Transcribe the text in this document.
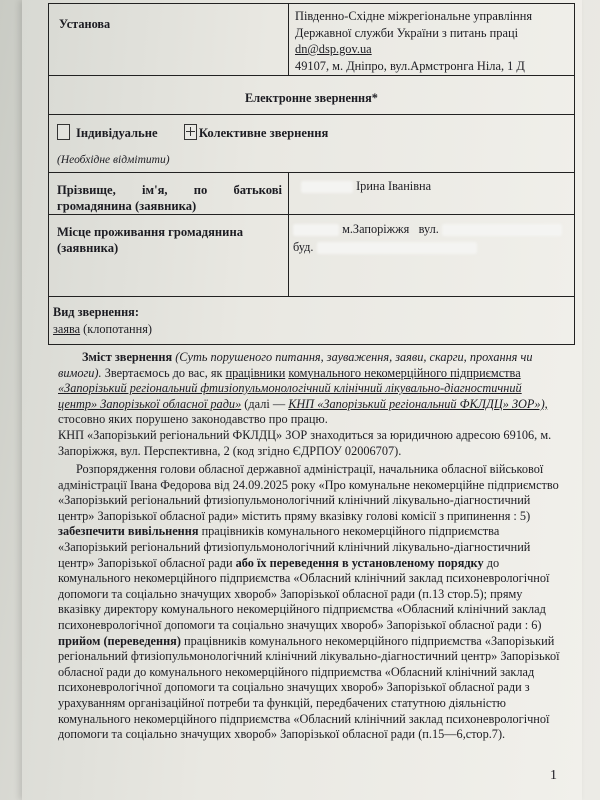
Установа
Південно-Східне міжрегіональне управління
Державної служби України з питань праці
dn@dsp.gov.ua
49107, м. Дніпро, вул.Армстронга Ніла, 1 Д
Електронне звернення*
Індивідуальне	Колективне звернення
(Необхідне відмітити)
Прізвище, ім'я, по батькові громадянина (заявника)
Ірина Іванівна
Місце проживання громадянина (заявника)
м.Запоріжжя вул.
буд.
Вид звернення:
заява (клопотання)
Зміст звернення (Суть порушеного питання, зауваження, заяви, скарги, прохання чи вимоги). Звертаємось до вас, як працівники комунального некомерційного підприємства «Запорізький регіональний фтизіопульмонологічний клінічний лікувально-діагностичний центр» Запорізької обласної ради» (далі — КНП «Запорізький регіональний ФКЛДЦ» ЗОР»), стосовно яких порушено законодавство про працю.
КНП «Запорізький регіональний ФКЛДЦ» ЗОР знаходиться за юридичною адресою 69106, м. Запоріжжя, вул. Перспективна, 2 (код згідно ЄДРПОУ 02006707).
Розпорядження голови обласної державної адміністрації, начальника обласної військової адміністрації Івана Федорова від 24.09.2025 року «Про комунальне некомерційне підприємство «Запорізький регіональний фтизіопульмонологічний клінічний лікувально-діагностичний центр» Запорізької обласної ради» містить пряму вказівку голові комісії з припинення : 5) забезпечити вивільнення працівників комунального некомерційного підприємства «Запорізький регіональний фтизіопульмонологічний клінічний лікувально-діагностичний центр» Запорізької обласної ради або їх переведення в установленому порядку до комунального некомерційного підприємства «Обласний клінічний заклад психоневрологічної допомоги та соціально значущих хвороб» Запорізької обласної ради (п.13 стор.5); пряму вказівку директору комунального некомерційного підприємства «Обласний клінічний заклад психоневрологічної допомоги та соціально значущих хвороб» Запорізької обласної ради : 6) прийом (переведення) працівників комунального некомерційного підприємства «Запорізький регіональний фтизіопульмонологічний клінічний лікувально-діагностичний центр» Запорізької обласної ради до комунального некомерційного підприємства «Обласний клінічний заклад психоневрологічної допомоги та соціально значущих хвороб» Запорізької обласної ради з урахуванням організаційної потреби та функцій, передбачених статутною діяльністю комунального некомерційного підприємства «Обласний клінічний заклад психоневрологічної допомоги та соціально значущих хвороб» Запорізької обласної ради (п.15—6,стор.7).
1
